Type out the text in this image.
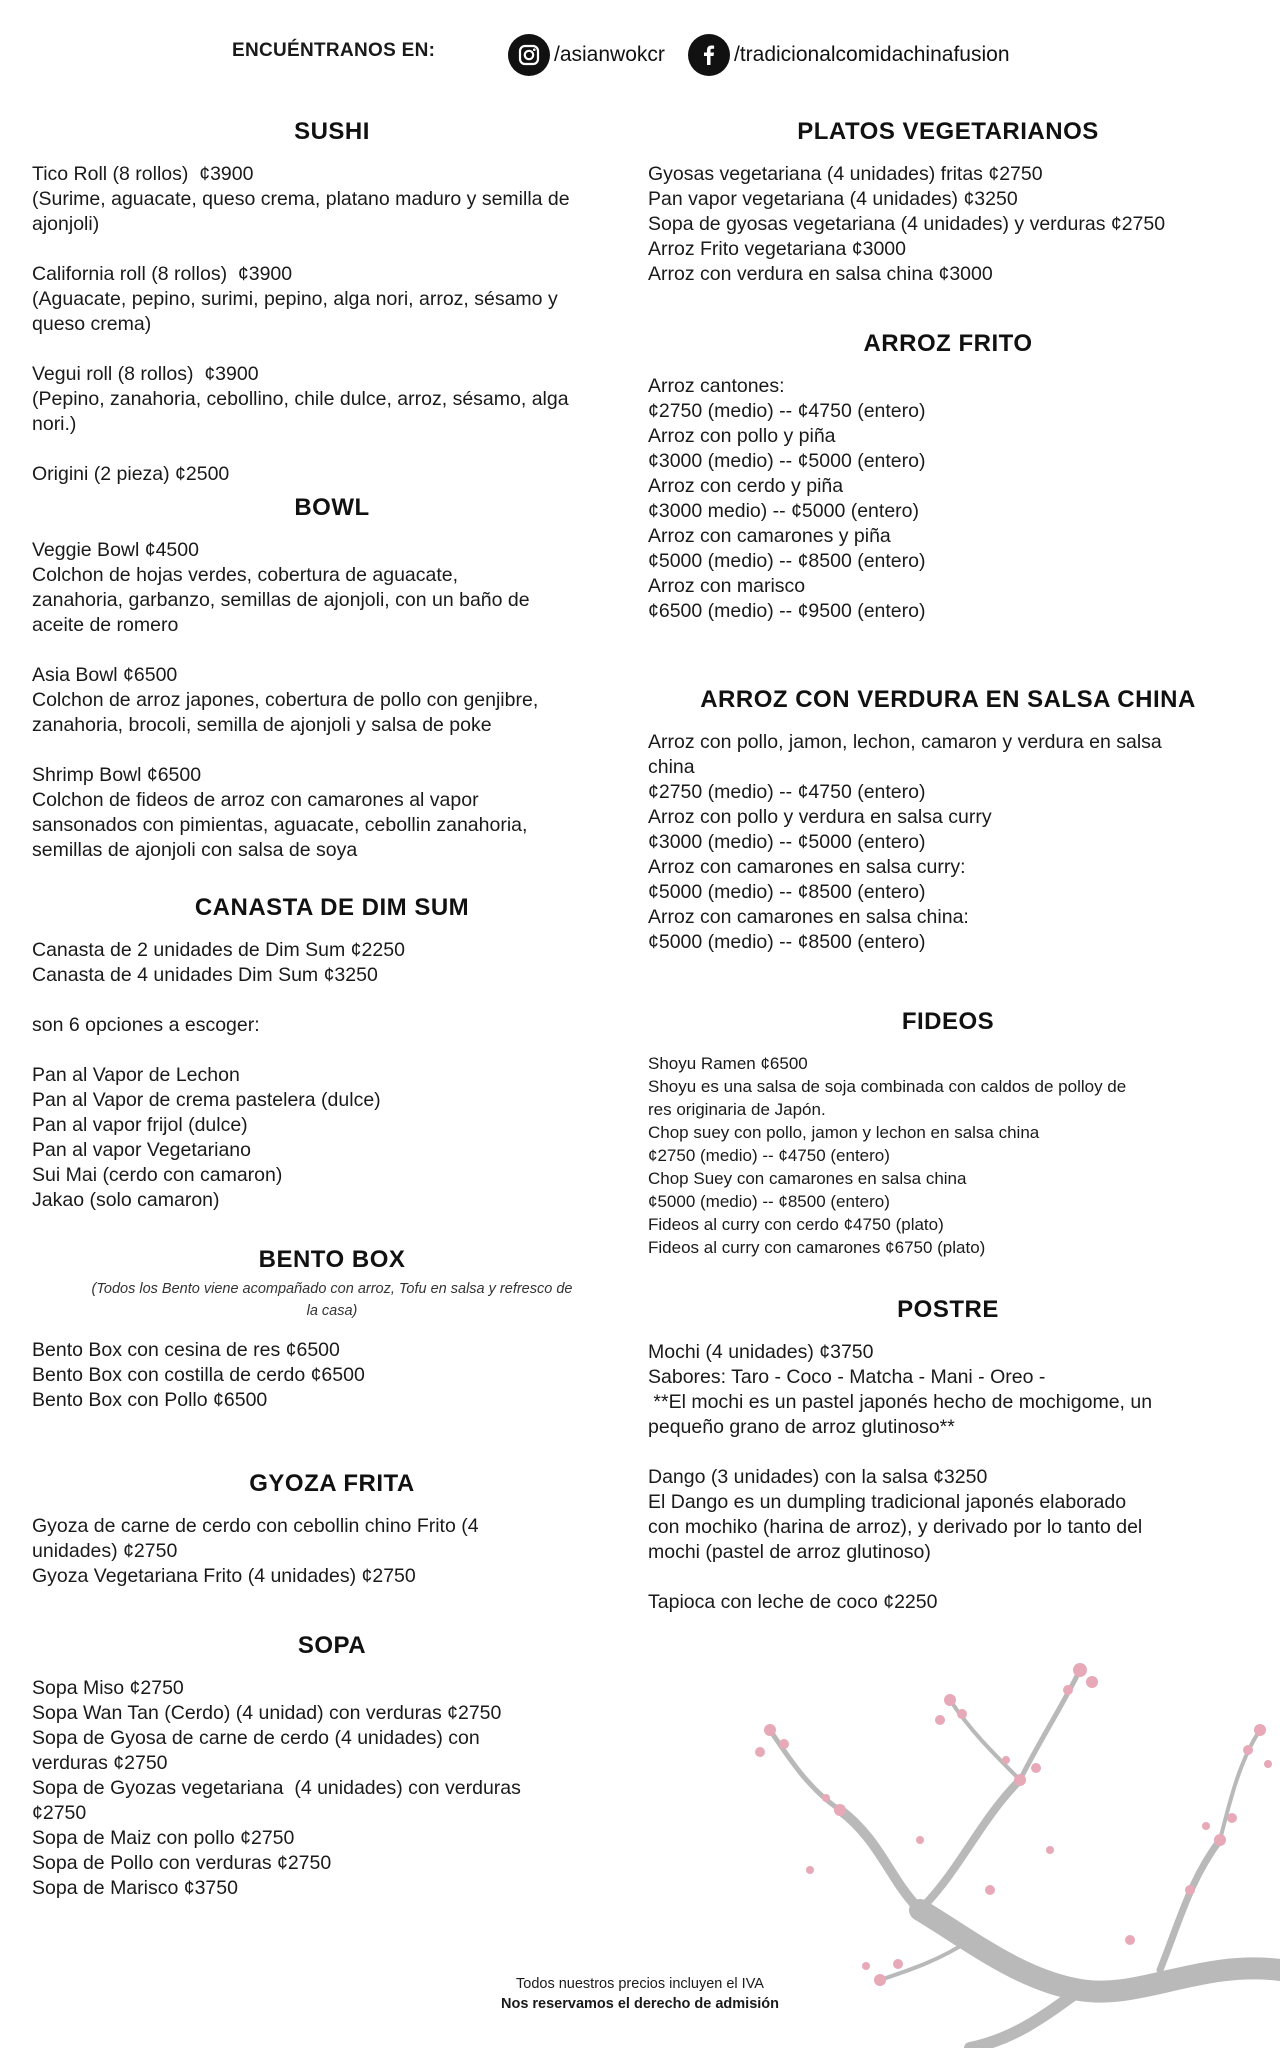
ENCUÉNTRANOS EN:	/asianwokcr	/tradicionalcomidachinafusion
SUSHI
Tico Roll (8 rollos)  ¢3900
(Surime, aguacate, queso crema, platano maduro y semilla de
ajonjoli)
California roll (8 rollos)  ¢3900
(Aguacate, pepino, surimi, pepino, alga nori, arroz, sésamo y
queso crema)
Vegui roll (8 rollos)  ¢3900
(Pepino, zanahoria, cebollino, chile dulce, arroz, sésamo, alga
nori.)
Origini (2 pieza) ¢2500
BOWL
Veggie Bowl ¢4500
Colchon de hojas verdes, cobertura de aguacate,
zanahoria, garbanzo, semillas de ajonjoli, con un baño de
aceite de romero
Asia Bowl ¢6500
Colchon de arroz japones, cobertura de pollo con genjibre,
zanahoria, brocoli, semilla de ajonjoli y salsa de poke
Shrimp Bowl ¢6500
Colchon de fideos de arroz con camarones al vapor
sansonados con pimientas, aguacate, cebollin zanahoria,
semillas de ajonjoli con salsa de soya
CANASTA DE DIM SUM
Canasta de 2 unidades de Dim Sum ¢2250
Canasta de 4 unidades Dim Sum ¢3250
son 6 opciones a escoger:
Pan al Vapor de Lechon
Pan al Vapor de crema pastelera (dulce)
Pan al vapor frijol (dulce)
Pan al vapor Vegetariano
Sui Mai (cerdo con camaron)
Jakao (solo camaron)
BENTO BOX
(Todos los Bento viene acompañado con arroz, Tofu en salsa y refresco de
la casa)
Bento Box con cesina de res ¢6500
Bento Box con costilla de cerdo ¢6500
Bento Box con Pollo ¢6500
GYOZA FRITA
Gyoza de carne de cerdo con cebollin chino Frito (4
unidades) ¢2750
Gyoza Vegetariana Frito (4 unidades) ¢2750
SOPA
Sopa Miso ¢2750
Sopa Wan Tan (Cerdo) (4 unidad) con verduras ¢2750
Sopa de Gyosa de carne de cerdo (4 unidades) con
verduras ¢2750
Sopa de Gyozas vegetariana  (4 unidades) con verduras
¢2750
Sopa de Maiz con pollo ¢2750
Sopa de Pollo con verduras ¢2750
Sopa de Marisco ¢3750
PLATOS VEGETARIANOS
Gyosas vegetariana (4 unidades) fritas ¢2750
Pan vapor vegetariana (4 unidades) ¢3250
Sopa de gyosas vegetariana (4 unidades) y verduras ¢2750
Arroz Frito vegetariana ¢3000
Arroz con verdura en salsa china ¢3000
ARROZ FRITO
Arroz cantones:
¢2750 (medio) -- ¢4750 (entero)
Arroz con pollo y piña
¢3000 (medio) -- ¢5000 (entero)
Arroz con cerdo y piña
¢3000 medio) -- ¢5000 (entero)
Arroz con camarones y piña
¢5000 (medio) -- ¢8500 (entero)
Arroz con marisco
¢6500 (medio) -- ¢9500 (entero)
ARROZ CON VERDURA EN SALSA CHINA
Arroz con pollo, jamon, lechon, camaron y verdura en salsa
china
¢2750 (medio) -- ¢4750 (entero)
Arroz con pollo y verdura en salsa curry
¢3000 (medio) -- ¢5000 (entero)
Arroz con camarones en salsa curry:
¢5000 (medio) -- ¢8500 (entero)
Arroz con camarones en salsa china:
¢5000 (medio) -- ¢8500 (entero)
FIDEOS
Shoyu Ramen ¢6500
Shoyu es una salsa de soja combinada con caldos de polloy de
res originaria de Japón.
Chop suey con pollo, jamon y lechon en salsa china
¢2750 (medio) -- ¢4750 (entero)
Chop Suey con camarones en salsa china
¢5000 (medio) -- ¢8500 (entero)
Fideos al curry con cerdo ¢4750 (plato)
Fideos al curry con camarones ¢6750 (plato)
POSTRE
Mochi (4 unidades) ¢3750
Sabores: Taro - Coco - Matcha - Mani - Oreo -
**El mochi es un pastel japonés hecho de mochigome, un
pequeño grano de arroz glutinoso**
Dango (3 unidades) con la salsa ¢3250
El Dango es un dumpling tradicional japonés elaborado
con mochiko (harina de arroz), y derivado por lo tanto del
mochi (pastel de arroz glutinoso)
Tapioca con leche de coco ¢2250
Todos nuestros precios incluyen el IVA
Nos reservamos el derecho de admisión
